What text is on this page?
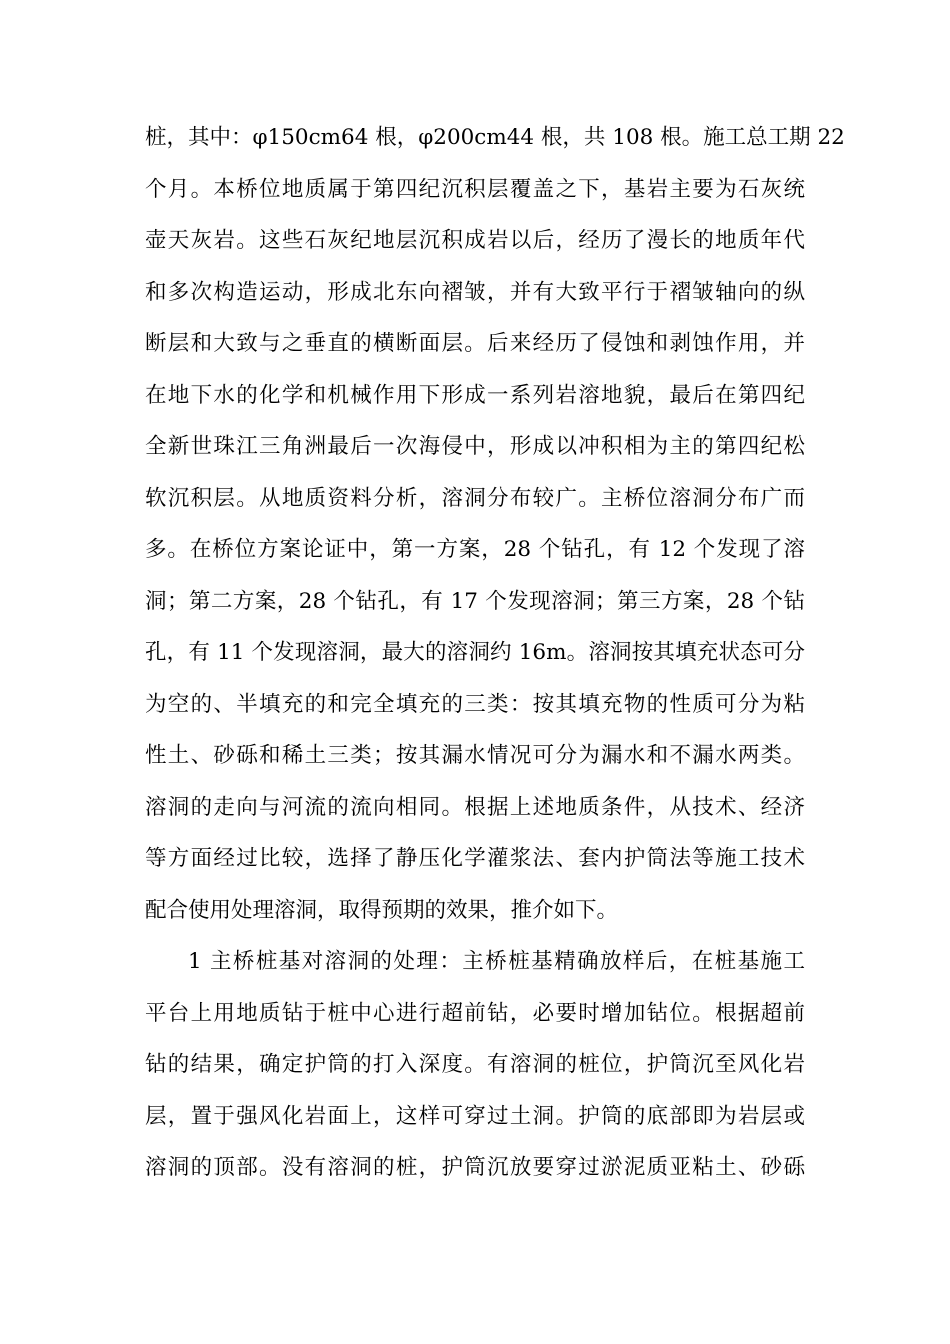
桩，其中：φ150cm64 根，φ200cm44 根，共 108 根。施工总工期 22
个月。本桥位地质属于第四纪沉积层覆盖之下，基岩主要为石灰统
壶天灰岩。这些石灰纪地层沉积成岩以后，经历了漫长的地质年代
和多次构造运动，形成北东向褶皱，并有大致平行于褶皱轴向的纵
断层和大致与之垂直的横断面层。后来经历了侵蚀和剥蚀作用，并
在地下水的化学和机械作用下形成一系列岩溶地貌，最后在第四纪
全新世珠江三角洲最后一次海侵中，形成以冲积相为主的第四纪松
软沉积层。从地质资料分析，溶洞分布较广。主桥位溶洞分布广而
多。在桥位方案论证中，第一方案，28 个钻孔，有 12 个发现了溶
洞；第二方案，28 个钻孔，有 17 个发现溶洞；第三方案，28 个钻
孔，有 11 个发现溶洞，最大的溶洞约 16m。溶洞按其填充状态可分
为空的、半填充的和完全填充的三类：按其填充物的性质可分为粘
性土、砂砾和稀土三类；按其漏水情况可分为漏水和不漏水两类。
溶洞的走向与河流的流向相同。根据上述地质条件，从技术、经济
等方面经过比较，选择了静压化学灌浆法、套内护筒法等施工技术
配合使用处理溶洞，取得预期的效果，推介如下。
1 主桥桩基对溶洞的处理：主桥桩基精确放样后，在桩基施工
平台上用地质钻于桩中心进行超前钻，必要时增加钻位。根据超前
钻的结果，确定护筒的打入深度。有溶洞的桩位，护筒沉至风化岩
层，置于强风化岩面上，这样可穿过土洞。护筒的底部即为岩层或
溶洞的顶部。没有溶洞的桩，护筒沉放要穿过淤泥质亚粘土、砂砾
